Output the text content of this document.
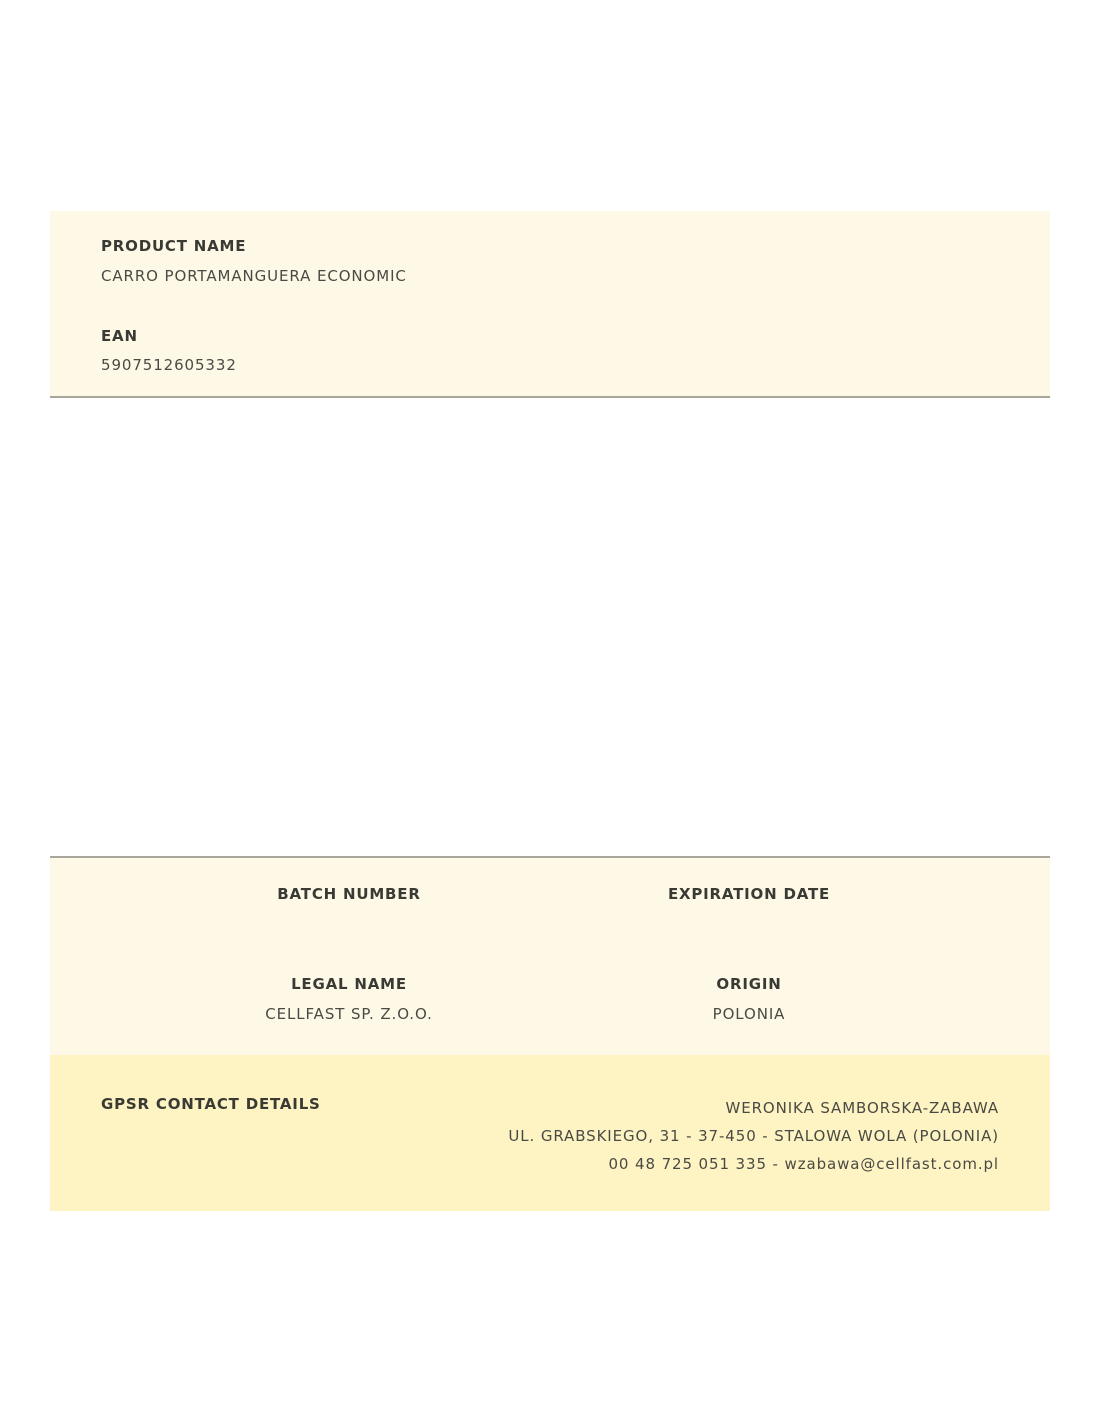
PRODUCT NAME
CARRO PORTAMANGUERA ECONOMIC
EAN
5907512605332
BATCH NUMBER	EXPIRATION DATE
LEGAL NAME
CELLFAST SP. Z.O.O.
ORIGIN
POLONIA
GPSR CONTACT DETAILS	WERONIKA SAMBORSKA-ZABAWA
UL. GRABSKIEGO, 31 - 37-450 - STALOWA WOLA (POLONIA)
00 48 725 051 335 - wzabawa@cellfast.com.pl
